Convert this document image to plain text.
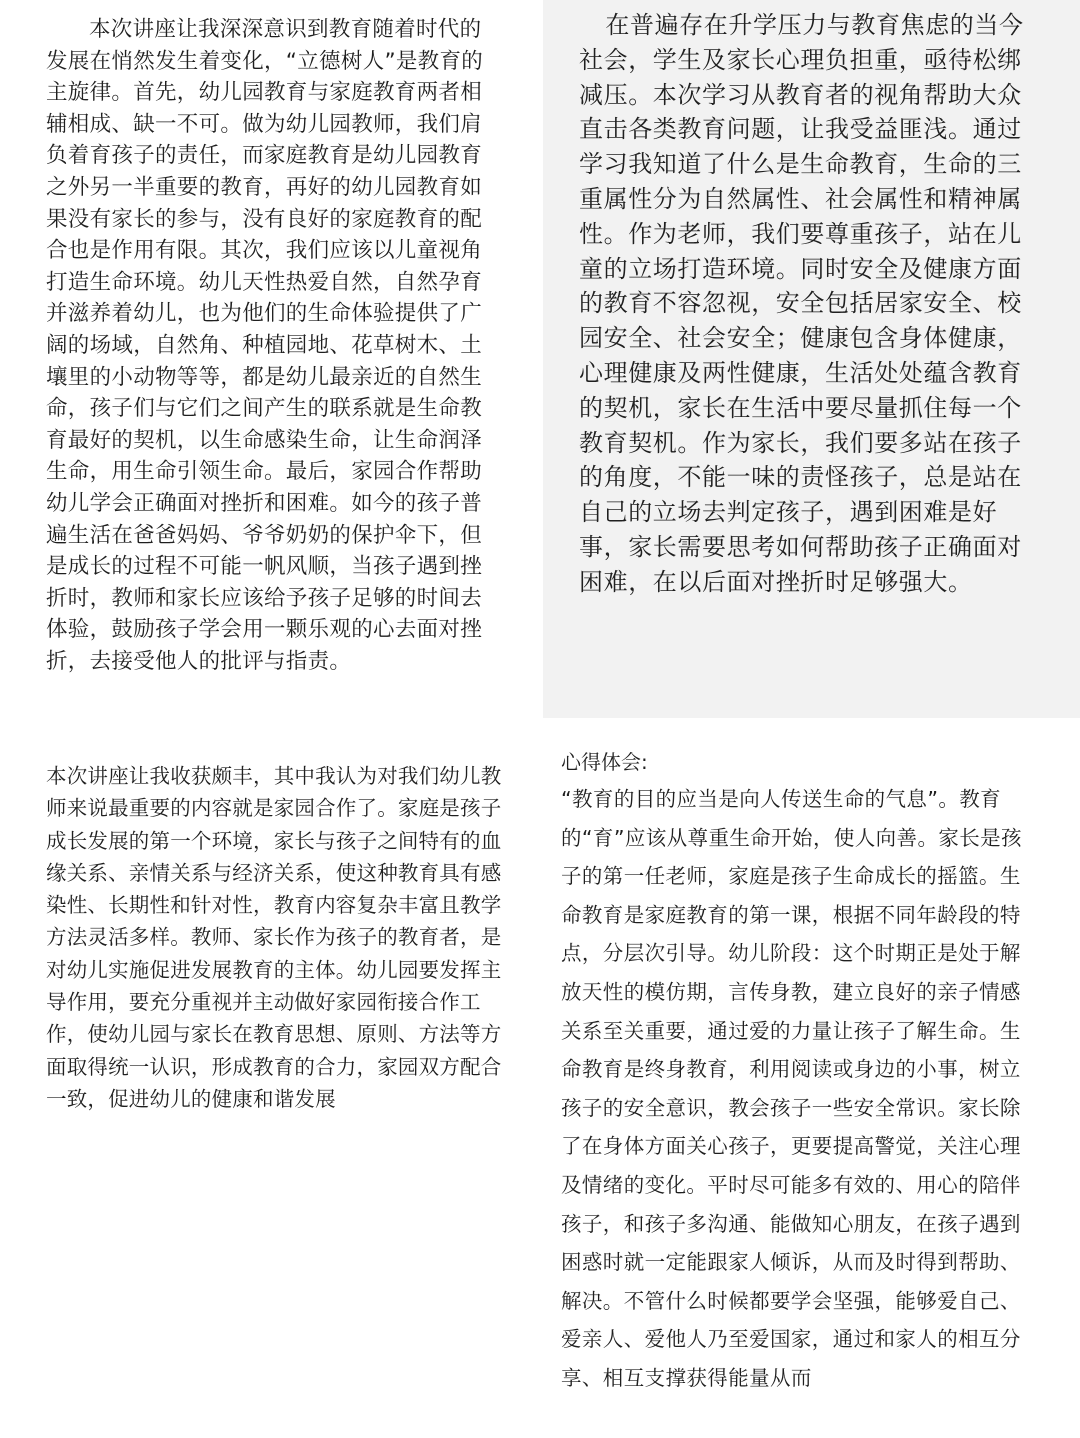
本次讲座让我深深意识到教育随着时代的发展在悄然发生着变化，“立德树人”是教育的主旋律。首先，幼儿园教育与家庭教育两者相辅相成、缺一不可。做为幼儿园教师，我们肩负着育孩子的责任，而家庭教育是幼儿园教育之外另一半重要的教育，再好的幼儿园教育如果没有家长的参与，没有良好的家庭教育的配合也是作用有限。其次，我们应该以儿童视角打造生命环境。幼儿天性热爱自然，自然孕育并滋养着幼儿，也为他们的生命体验提供了广阔的场域，自然角、种植园地、花草树木、土壤里的小动物等等，都是幼儿最亲近的自然生命，孩子们与它们之间产生的联系就是生命教育最好的契机，以生命感染生命，让生命润泽生命，用生命引领生命。最后，家园合作帮助幼儿学会正确面对挫折和困难。如今的孩子普遍生活在爸爸妈妈、爷爷奶奶的保护伞下，但是成长的过程不可能一帆风顺，当孩子遇到挫折时，教师和家长应该给予孩子足够的时间去体验，鼓励孩子学会用一颗乐观的心去面对挫折，去接受他人的批评与指责。

在普遍存在升学压力与教育焦虑的当今社会，学生及家长心理负担重，亟待松绑减压。本次学习从教育者的视角帮助大众直击各类教育问题，让我受益匪浅。通过学习我知道了什么是生命教育，生命的三重属性分为自然属性、社会属性和精神属性。作为老师，我们要尊重孩子，站在儿童的立场打造环境。同时安全及健康方面的教育不容忽视，安全包括居家安全、校园安全、社会安全；健康包含身体健康，心理健康及两性健康，生活处处蕴含教育的契机，家长在生活中要尽量抓住每一个教育契机。作为家长，我们要多站在孩子的角度，不能一味的责怪孩子，总是站在自己的立场去判定孩子，遇到困难是好事，家长需要思考如何帮助孩子正确面对困难，在以后面对挫折时足够强大。

本次讲座让我收获颇丰，其中我认为对我们幼儿教师来说最重要的内容就是家园合作了。家庭是孩子成长发展的第一个环境，家长与孩子之间特有的血缘关系、亲情关系与经济关系，使这种教育具有感染性、长期性和针对性，教育内容复杂丰富且教学方法灵活多样。教师、家长作为孩子的教育者，是对幼儿实施促进发展教育的主体。幼儿园要发挥主导作用，要充分重视并主动做好家园衔接合作工作，使幼儿园与家长在教育思想、原则、方法等方面取得统一认识，形成教育的合力，家园双方配合一致，促进幼儿的健康和谐发展

心得体会:

“教育的目的应当是向人传送生命的气息”。教育的“育”应该从尊重生命开始，使人向善。家长是孩子的第一任老师，家庭是孩子生命成长的摇篮。生命教育是家庭教育的第一课，根据不同年龄段的特点，分层次引导。幼儿阶段：这个时期正是处于解放天性的模仿期，言传身教，建立良好的亲子情感关系至关重要，通过爱的力量让孩子了解生命。生命教育是终身教育，利用阅读或身边的小事，树立孩子的安全意识，教会孩子一些安全常识。家长除了在身体方面关心孩子，更要提高警觉，关注心理及情绪的变化。平时尽可能多有效的、用心的陪伴孩子，和孩子多沟通、能做知心朋友，在孩子遇到困惑时就一定能跟家人倾诉，从而及时得到帮助、解决。不管什么时候都要学会坚强，能够爱自己、爱亲人、爱他人乃至爱国家，通过和家人的相互分享、相互支撑获得能量从而
